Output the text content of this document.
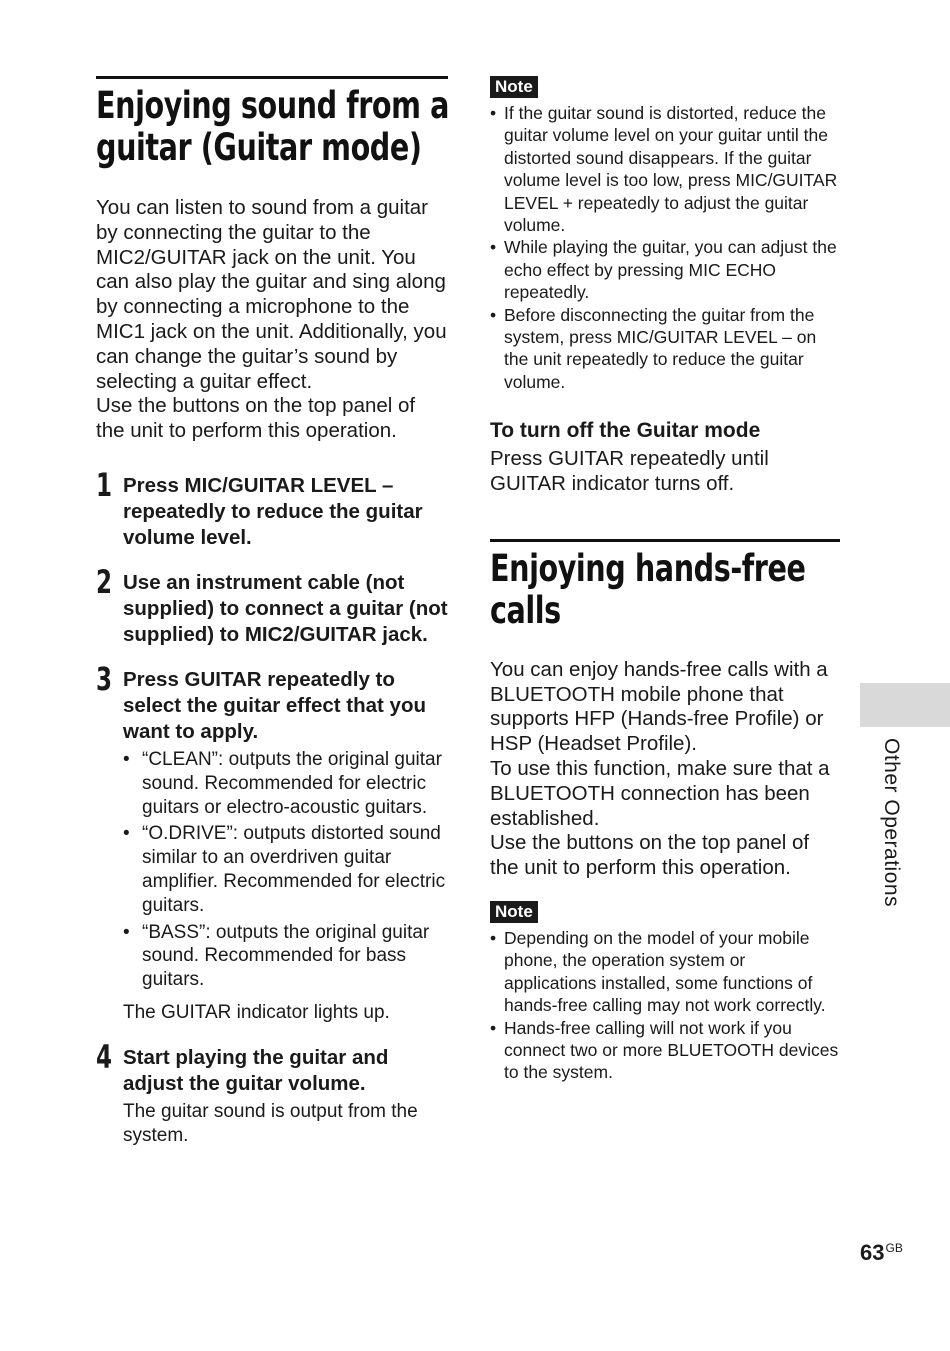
Enjoying sound from a guitar (Guitar mode)

You can listen to sound from a guitar by connecting the guitar to the MIC2/GUITAR jack on the unit. You can also play the guitar and sing along by connecting a microphone to the MIC1 jack on the unit. Additionally, you can change the guitar’s sound by selecting a guitar effect.

Use the buttons on the top panel of the unit to perform this operation.

1 Press MIC/GUITAR LEVEL – repeatedly to reduce the guitar volume level.

2 Use an instrument cable (not supplied) to connect a guitar (not supplied) to MIC2/GUITAR jack.

3 Press GUITAR repeatedly to select the guitar effect that you want to apply.

• “CLEAN”: outputs the original guitar sound. Recommended for electric guitars or electro-acoustic guitars.
• “O.DRIVE”: outputs distorted sound similar to an overdriven guitar amplifier. Recommended for electric guitars.
• “BASS”: outputs the original guitar sound. Recommended for bass guitars.

The GUITAR indicator lights up.

4 Start playing the guitar and adjust the guitar volume.

The guitar sound is output from the system.

Note
• If the guitar sound is distorted, reduce the guitar volume level on your guitar until the distorted sound disappears. If the guitar volume level is too low, press MIC/GUITAR LEVEL + repeatedly to adjust the guitar volume.
• While playing the guitar, you can adjust the echo effect by pressing MIC ECHO repeatedly.
• Before disconnecting the guitar from the system, press MIC/GUITAR LEVEL – on the unit repeatedly to reduce the guitar volume.

To turn off the Guitar mode

Press GUITAR repeatedly until GUITAR indicator turns off.

Enjoying hands-free calls

You can enjoy hands-free calls with a BLUETOOTH mobile phone that supports HFP (Hands-free Profile) or HSP (Headset Profile).

To use this function, make sure that a BLUETOOTH connection has been established.

Use the buttons on the top panel of the unit to perform this operation.

Note
• Depending on the model of your mobile phone, the operation system or applications installed, some functions of hands-free calling may not work correctly.
• Hands-free calling will not work if you connect two or more BLUETOOTH devices to the system.
Other Operations
$63^{GB}$
